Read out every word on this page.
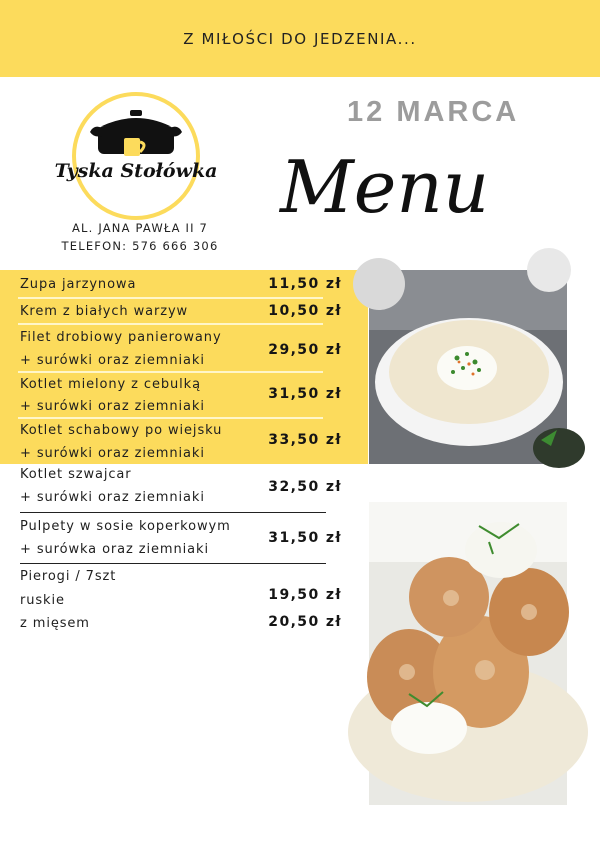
Z MIŁOŚCI DO JEDZENIA...
Tyska Stołówka
AL. JANA PAWŁA II 7
TELEFON: 576 666 306
12 MARCA
Menu
Zupa jarzynowa	11,50 zł
Krem z białych warzyw	10,50 zł
Filet drobiowy panierowany
+ surówki oraz ziemniaki
29,50 zł
Kotlet mielony z cebulką
+ surówki oraz ziemniaki
31,50 zł
Kotlet schabowy po wiejsku
+ surówki oraz ziemniaki
33,50 zł
Kotlet szwajcar
+ surówki oraz ziemniaki
32,50 zł
Pulpety w sosie koperkowym
+ surówka oraz ziemniaki
31,50 zł
Pierogi / 7szt
ruskie	19,50 zł
z mięsem	20,50 zł
